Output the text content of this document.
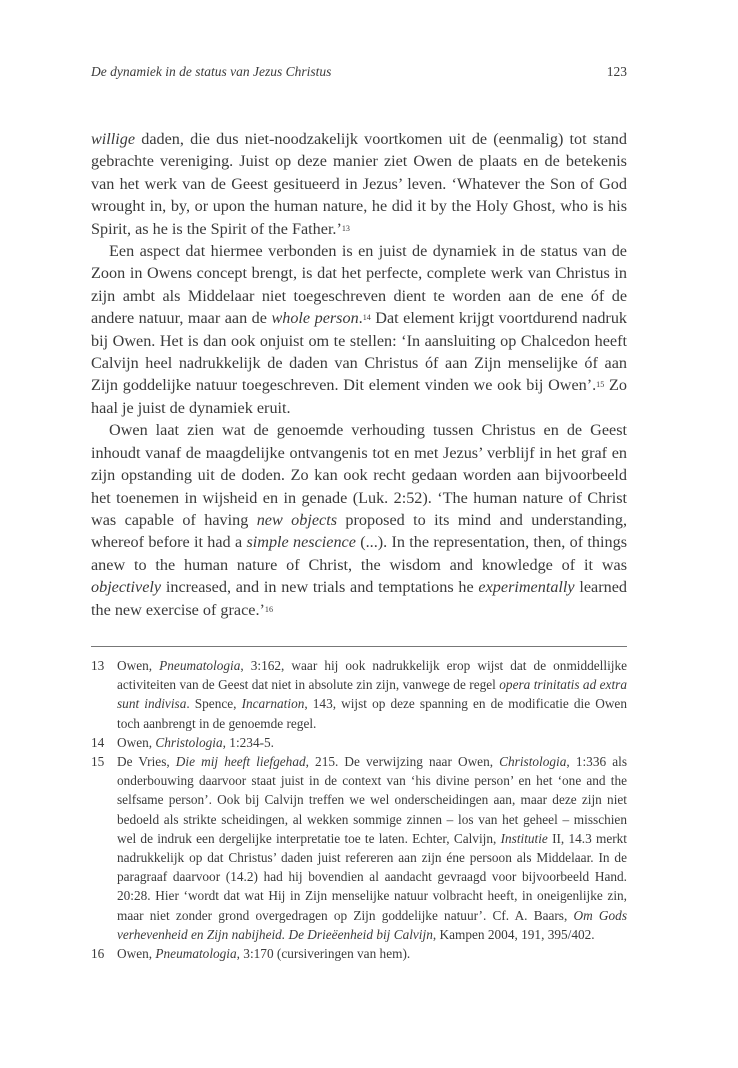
De dynamiek in de status van Jezus Christus	123

willige daden, die dus niet-noodzakelijk voortkomen uit de (eenmalig) tot stand gebrachte vereniging. Juist op deze manier ziet Owen de plaats en de betekenis van het werk van de Geest gesitueerd in Jezus’ leven. ‘Whatever the Son of God wrought in, by, or upon the human nature, he did it by the Holy Ghost, who is his Spirit, as he is the Spirit of the Father.’$^{13}$

Een aspect dat hiermee verbonden is en juist de dynamiek in de status van de Zoon in Owens concept brengt, is dat het perfecte, complete werk van Christus in zijn ambt als Middelaar niet toegeschreven dient te worden aan de ene óf de andere natuur, maar aan de whole person.$^{14}$ Dat element krijgt voortdurend nadruk bij Owen. Het is dan ook onjuist om te stellen: ‘In aansluiting op Chalcedon heeft Calvijn heel nadrukkelijk de daden van Christus óf aan Zijn menselijke óf aan Zijn goddelijke natuur toegeschreven. Dit element vinden we ook bij Owen’.$^{15}$ Zo haal je juist de dynamiek eruit.

Owen laat zien wat de genoemde verhouding tussen Christus en de Geest inhoudt vanaf de maagdelijke ontvangenis tot en met Jezus’ verblijf in het graf en zijn opstanding uit de doden. Zo kan ook recht gedaan worden aan bijvoorbeeld het toenemen in wijsheid en in genade (Luk. 2:52). ‘The human nature of Christ was capable of having new objects proposed to its mind and understanding, whereof before it had a simple nescience (...). In the representation, then, of things anew to the human nature of Christ, the wisdom and knowledge of it was objectively increased, and in new trials and temptations he experimentally learned the new exercise of grace.’$^{16}$

13 Owen, Pneumatologia, 3:162, waar hij ook nadrukkelijk erop wijst dat de onmiddellijke activiteiten van de Geest dat niet in absolute zin zijn, vanwege de regel opera trinitatis ad extra sunt indivisa. Spence, Incarnation, 143, wijst op deze spanning en de modificatie die Owen toch aanbrengt in de genoemde regel.
14 Owen, Christologia, 1:234-5.
15 De Vries, Die mij heeft liefgehad, 215. De verwijzing naar Owen, Christologia, 1:336 als onderbouwing daarvoor staat juist in de context van ‘his divine person’ en het ‘one and the selfsame person’. Ook bij Calvijn treffen we wel onderscheidingen aan, maar deze zijn niet bedoeld als strikte scheidingen, al wekken sommige zinnen – los van het geheel – misschien wel de indruk een dergelijke interpretatie toe te laten. Echter, Calvijn, Institutie II, 14.3 merkt nadrukkelijk op dat Christus’ daden juist refereren aan zijn éne persoon als Middelaar. In de paragraaf daarvoor (14.2) had hij bovendien al aandacht gevraagd voor bijvoorbeeld Hand. 20:28. Hier ‘wordt dat wat Hij in Zijn menselijke natuur volbracht heeft, in oneigenlijke zin, maar niet zonder grond overgedragen op Zijn goddelijke natuur’. Cf. A. Baars, Om Gods verhevenheid en Zijn nabijheid. De Drieëenheid bij Calvijn, Kampen 2004, 191, 395/402.
16 Owen, Pneumatologia, 3:170 (cursiveringen van hem).
